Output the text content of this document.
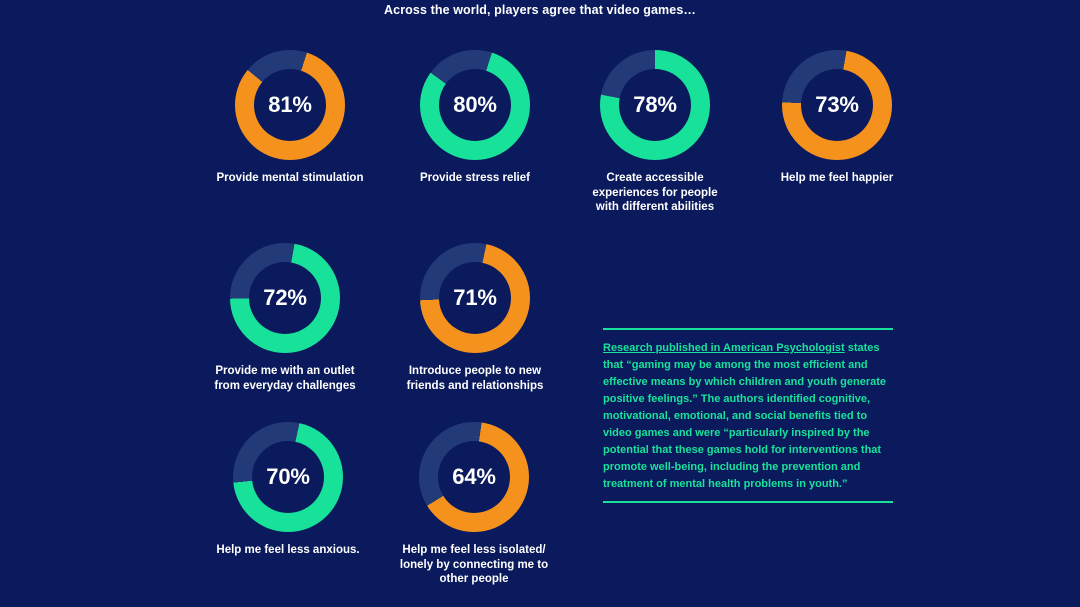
Across the world, players agree that video games…
81%
Provide mental stimulation
80%
Provide stress relief
78%
Create accessible experiences for people with different abilities
73%
Help me feel happier
72%
Provide me with an outlet from everyday challenges
71%
Introduce people to new friends and relationships
70%
Help me feel less anxious.
64%
Help me feel less isolated/ lonely by connecting me to other people
Research published in American Psychologist states that “gaming may be among the most efficient and effective means by which children and youth generate positive feelings.” The authors identified cognitive, motivational, emotional, and social benefits tied to video games and were “particularly inspired by the potential that these games hold for interventions that promote well-being, including the prevention and treatment of mental health problems in youth.”
